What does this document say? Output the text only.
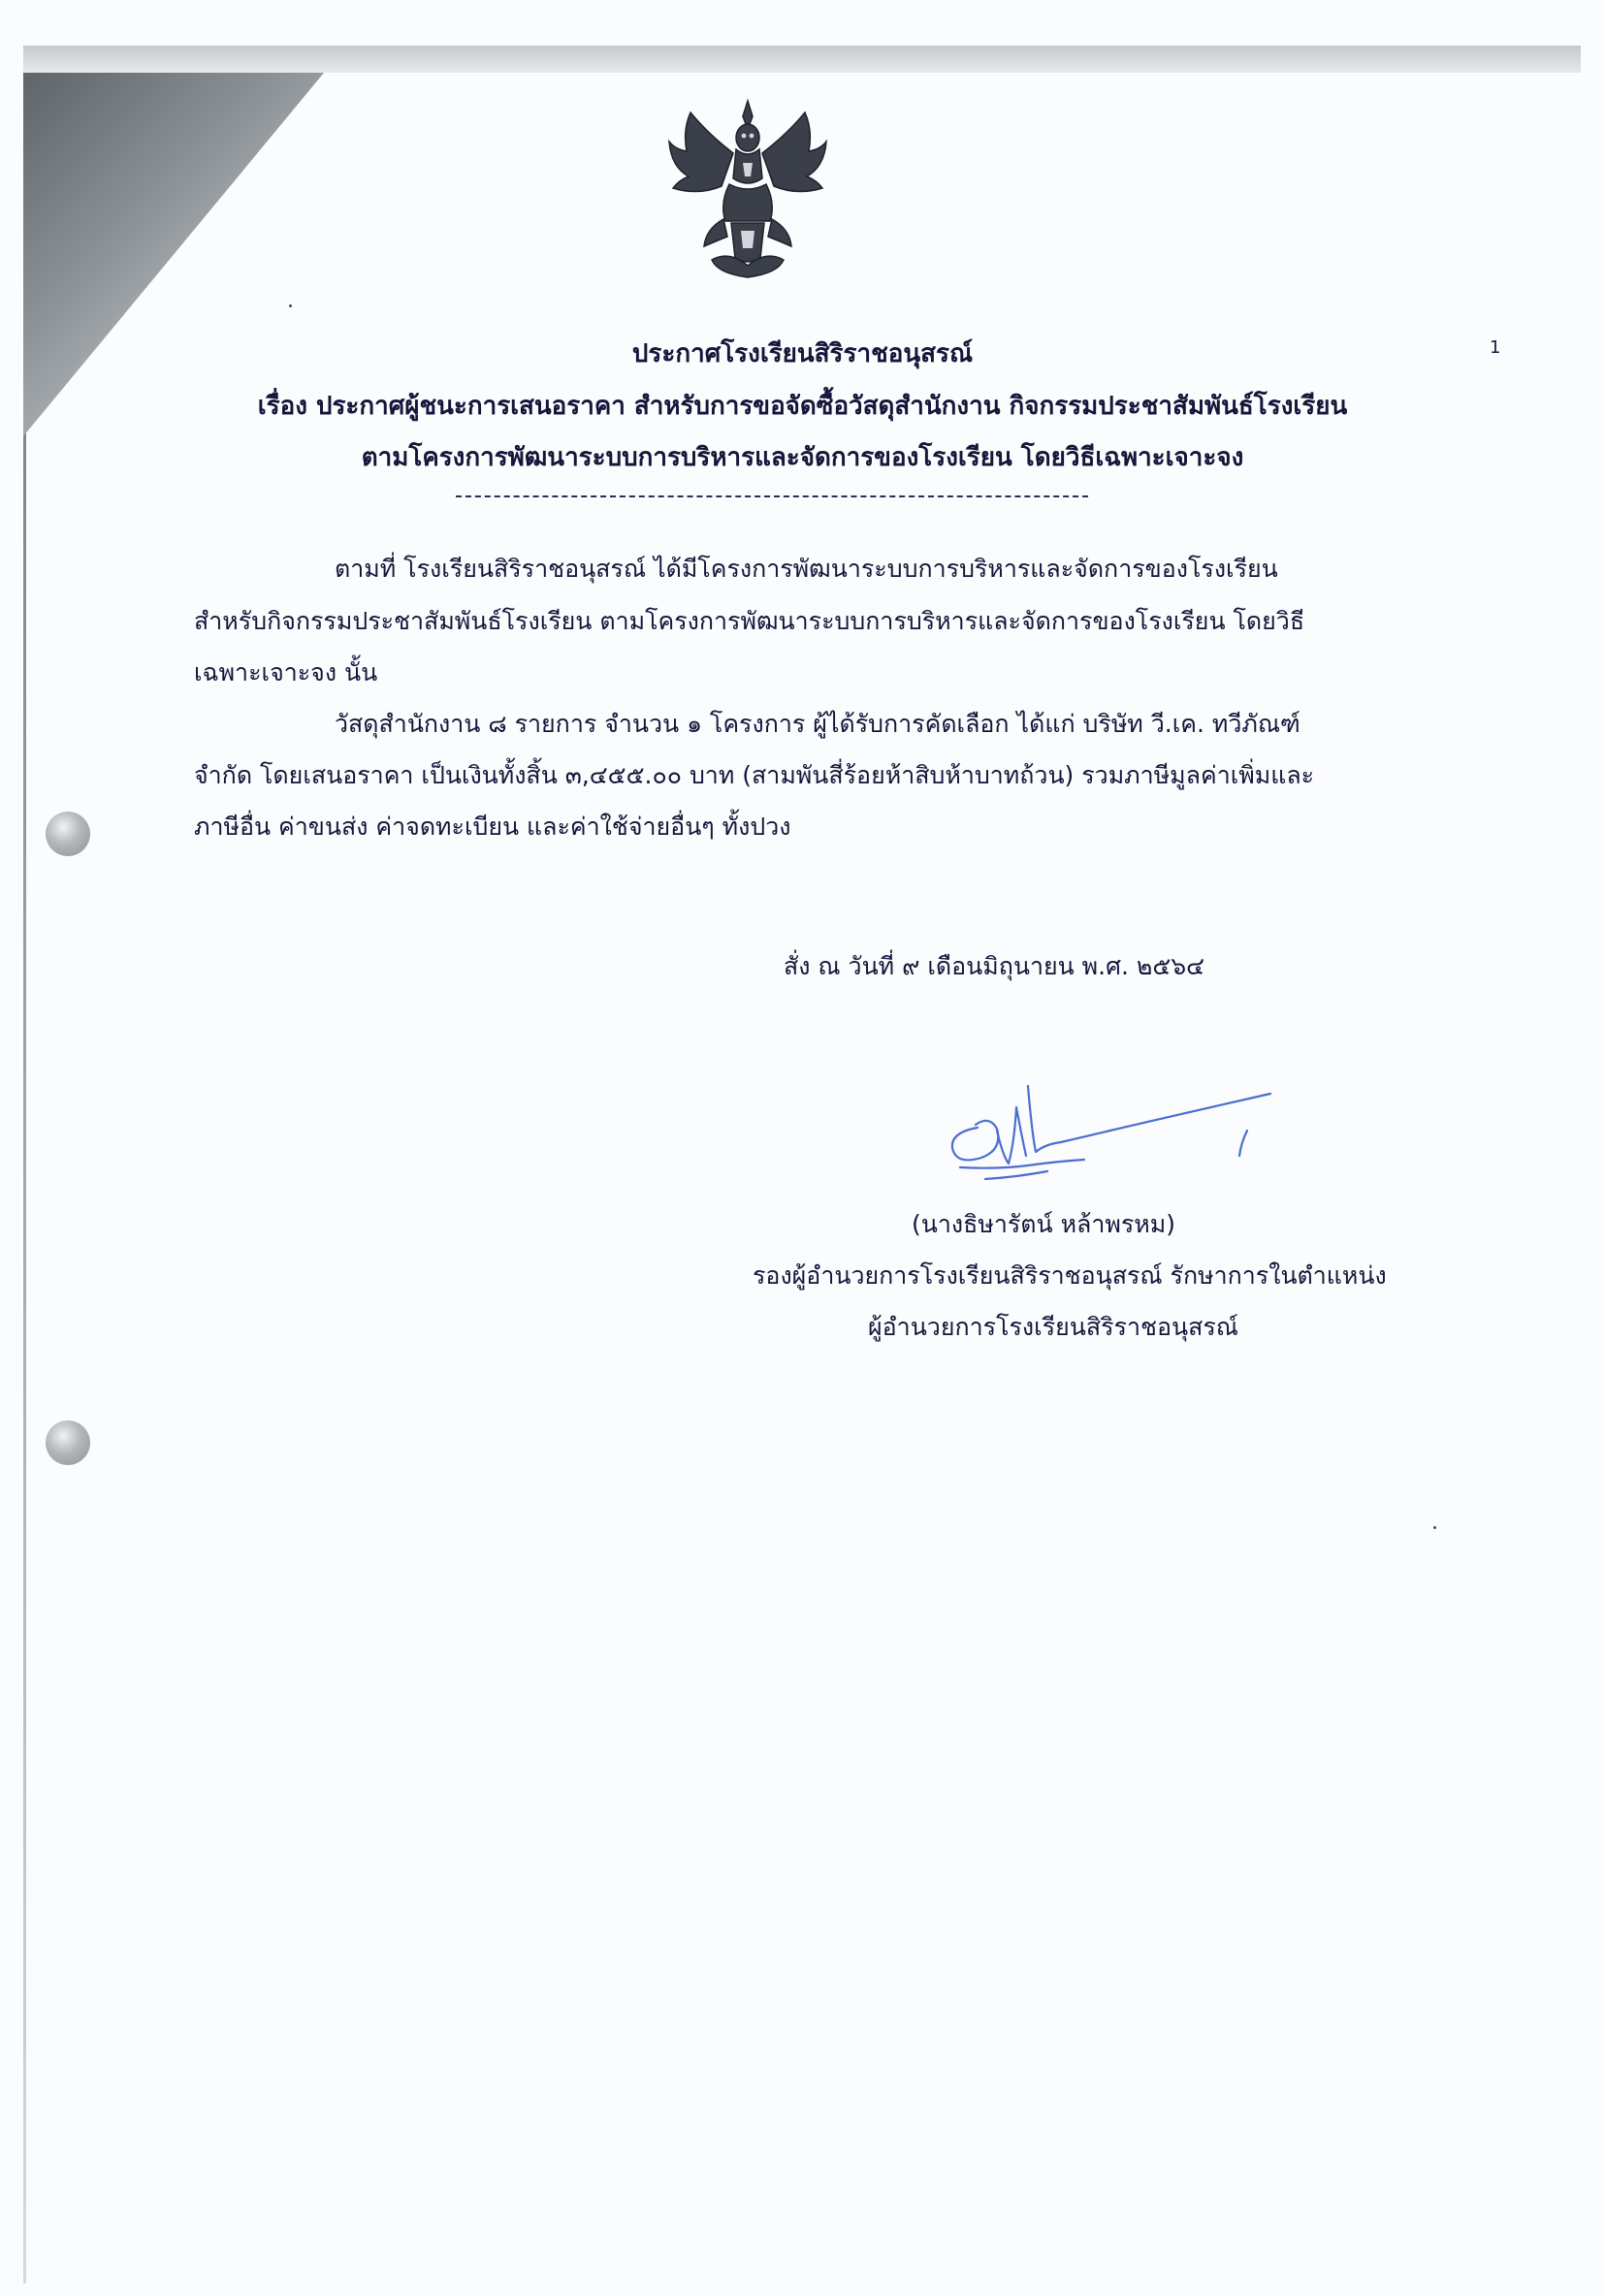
1
ประกาศโรงเรียนสิริราชอนุสรณ์
เรื่อง ประกาศผู้ชนะการเสนอราคา สำหรับการขอจัดซื้อวัสดุสำนักงาน กิจกรรมประชาสัมพันธ์โรงเรียน
ตามโครงการพัฒนาระบบการบริหารและจัดการของโรงเรียน โดยวิธีเฉพาะเจาะจง
ตามที่ โรงเรียนสิริราชอนุสรณ์ ได้มีโครงการพัฒนาระบบการบริหารและจัดการของโรงเรียน
สำหรับกิจกรรมประชาสัมพันธ์โรงเรียน ตามโครงการพัฒนาระบบการบริหารและจัดการของโรงเรียน โดยวิธี
เฉพาะเจาะจง นั้น
วัสดุสำนักงาน ๘ รายการ จำนวน ๑ โครงการ ผู้ได้รับการคัดเลือก ได้แก่ บริษัท วี.เค. ทวีภัณฑ์
จำกัด โดยเสนอราคา เป็นเงินทั้งสิ้น ๓,๔๕๕.๐๐ บาท (สามพันสี่ร้อยห้าสิบห้าบาทถ้วน) รวมภาษีมูลค่าเพิ่มและ
ภาษีอื่น ค่าขนส่ง ค่าจดทะเบียน และค่าใช้จ่ายอื่นๆ ทั้งปวง
สั่ง ณ วันที่ ๙ เดือนมิถุนายน พ.ศ. ๒๕๖๔
(นางธิษารัตน์ หล้าพรหม)
รองผู้อำนวยการโรงเรียนสิริราชอนุสรณ์ รักษาการในตำแหน่ง
ผู้อำนวยการโรงเรียนสิริราชอนุสรณ์
